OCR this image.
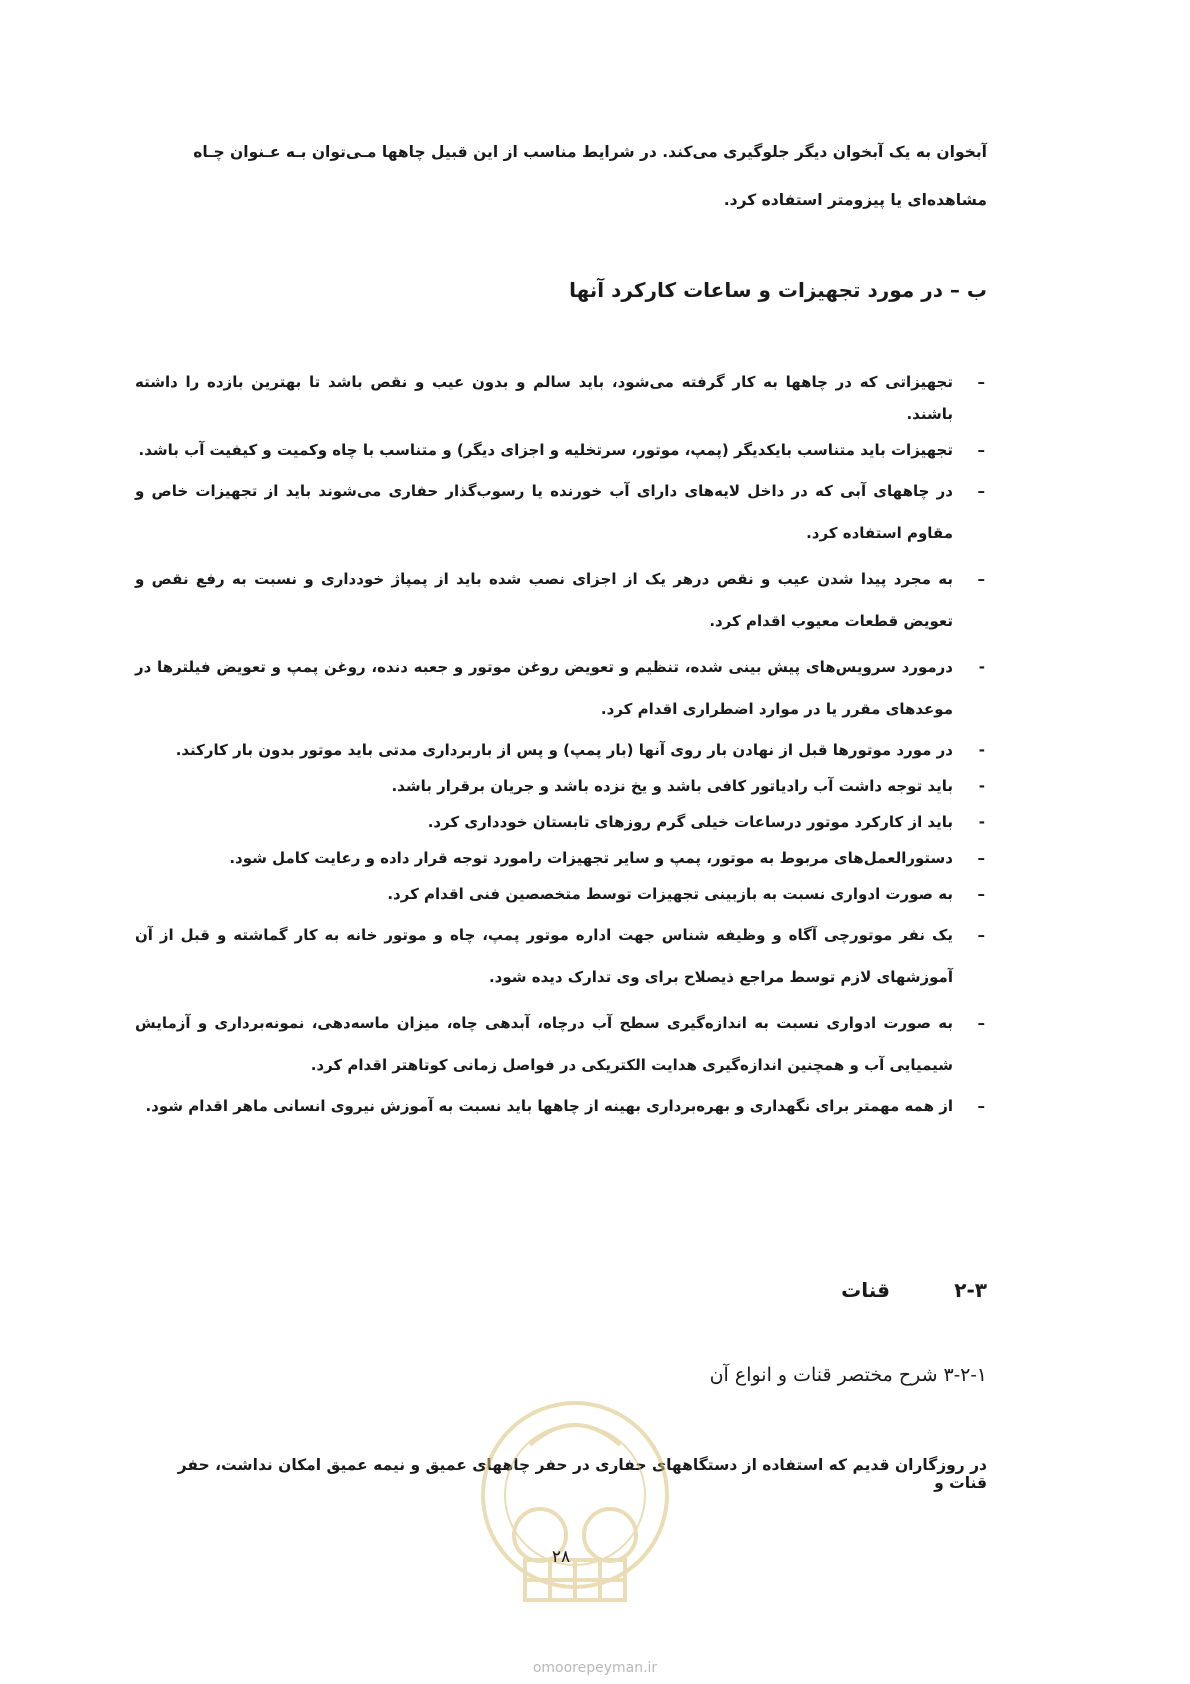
آبخوان به یک آبخوان دیگر جلوگیری می‌کند. در شرایط مناسب از این قبیل چاهها مـی‌توان بـه عـنوان چـاه
مشاهده‌ای یا پیزومتر استفاده کرد.
ب – در مورد تجهیزات و ساعات کارکرد آنها
–
تجهیزاتی که در چاهها به کار گرفته می‌شود، باید سالم و بدون عیب و نقص باشد تا بهترین بازده را داشته باشند.
–
تجهیزات باید متناسب بایکدیگر (پمپ، موتور، سرتخلیه و اجزای دیگر) و متناسب با چاه وکمیت و کیفیت آب باشد.
–
در چاههای آبی که در داخل لایه‌های دارای آب خورنده یا رسوب‌گذار حفاری می‌شوند باید از تجهیزات خاص و مقاوم استفاده کرد.
–
به مجرد پیدا شدن عیب و نقص درهر یک از اجزای نصب شده باید از پمپاژ خودداری و نسبت به رفع نقص و تعویض قطعات معیوب اقدام کرد.
-
درمورد سرویس‌های پیش بینی شده، تنظیم و تعویض روغن موتور و جعبه دنده، روغن پمپ و تعویض فیلترها در موعدهای مقرر یا در موارد اضطراری اقدام کرد.
-
در مورد موتورها قبل از نهادن بار روی آنها (بار پمپ) و پس از باربرداری مدتی باید موتور بدون بار کارکند.
-
باید توجه داشت آب رادیاتور کافی باشد و یخ نزده باشد و جریان برقرار باشد.
-
باید از کارکرد موتور درساعات خیلی گرم روزهای تابستان خودداری کرد.
–
دستورالعمل‌های مربوط به موتور، پمپ و سایر تجهیزات رامورد توجه قرار داده و رعایت کامل شود.
–
به صورت ادواری نسبت به بازبینی تجهیزات توسط متخصصین فنی اقدام کرد.
–
یک نفر موتورچی آگاه و وظیفه شناس جهت اداره موتور پمپ، چاه و موتور خانه به کار گماشته و قبل از آن آموزشهای لازم توسط مراجع ذیصلاح برای وی تدارک دیده شود.
–
به صورت ادواری نسبت به اندازه‌گیری سطح آب درچاه، آبدهی چاه، میزان ماسه‌دهی، نمونه‌برداری و آزمایش شیمیایی آب و همچنین اندازه‌گیری هدایت الکتریکی در فواصل زمانی کوتاهتر اقدام کرد.
–
از همه مهمتر برای نگهداری و بهره‌برداری بهینه از چاهها باید نسبت به آموزش نیروی انسانی ماهر اقدام شود.
۲-۳
قنات
۳-۲-۱ شرح مختصر قنات و انواع آن
در روزگاران قدیم که استفاده از دستگاههای حفاری در حفر چاههای عمیق و نیمه عمیق امکان نداشت، حفر قنات و
۲۸
omoorepeyman.ir
